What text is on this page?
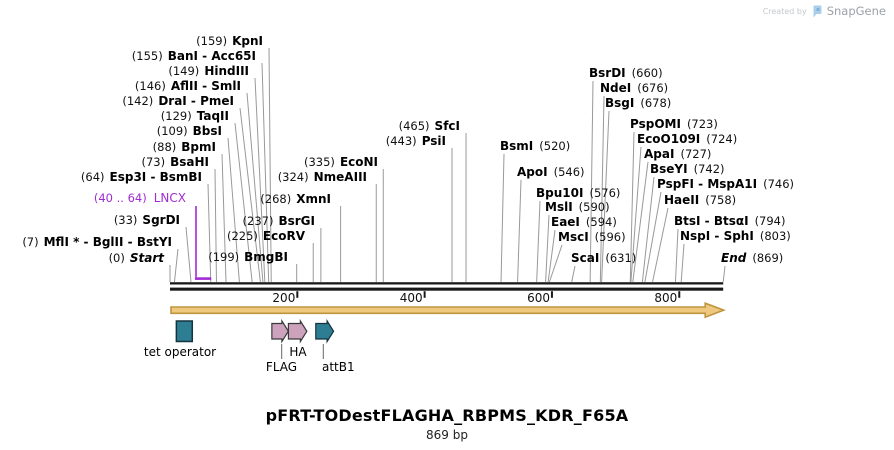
200	400	600	800
(159) KpnI
(155) BanI - Acc65I
(149) HindIII
(146) AflII - SmlI
(142) DraI - PmeI
(129) TaqII
(109) BbsI
(88) BpmI
(73) BsaHI
(64) Esp3I - BsmBI
(33) SgrDI
(7) MflI * - BglII - BstYI
(0) Start	(199) BmgBI
(225) EcoRV
(237) BsrGI
(268) XmnI
(324) NmeAIII
(335) EcoNI
(443) PsiI
(465) SfcI
BsmI (520)
ApoI (546)
Bpu10I (576)
MslI (590)
EaeI (594)
MscI (596)
ScaI (631)
BsrDI (660)
NdeI (676)
BsgI (678)
PspOMI (723)
EcoO109I (724)
ApaI (727)
BseYI (742)
PspFI - MspA1I (746)
HaeII (758)
BtsI - BtsαI (794)
NspI - SphI (803)
End (869)
(40 .. 64) LNCX
tet operator
FLAG
HA
attB1
Created by SnapGene
pFRT-TODestFLAGHA_RBPMS_KDR_F65A
869 bp
